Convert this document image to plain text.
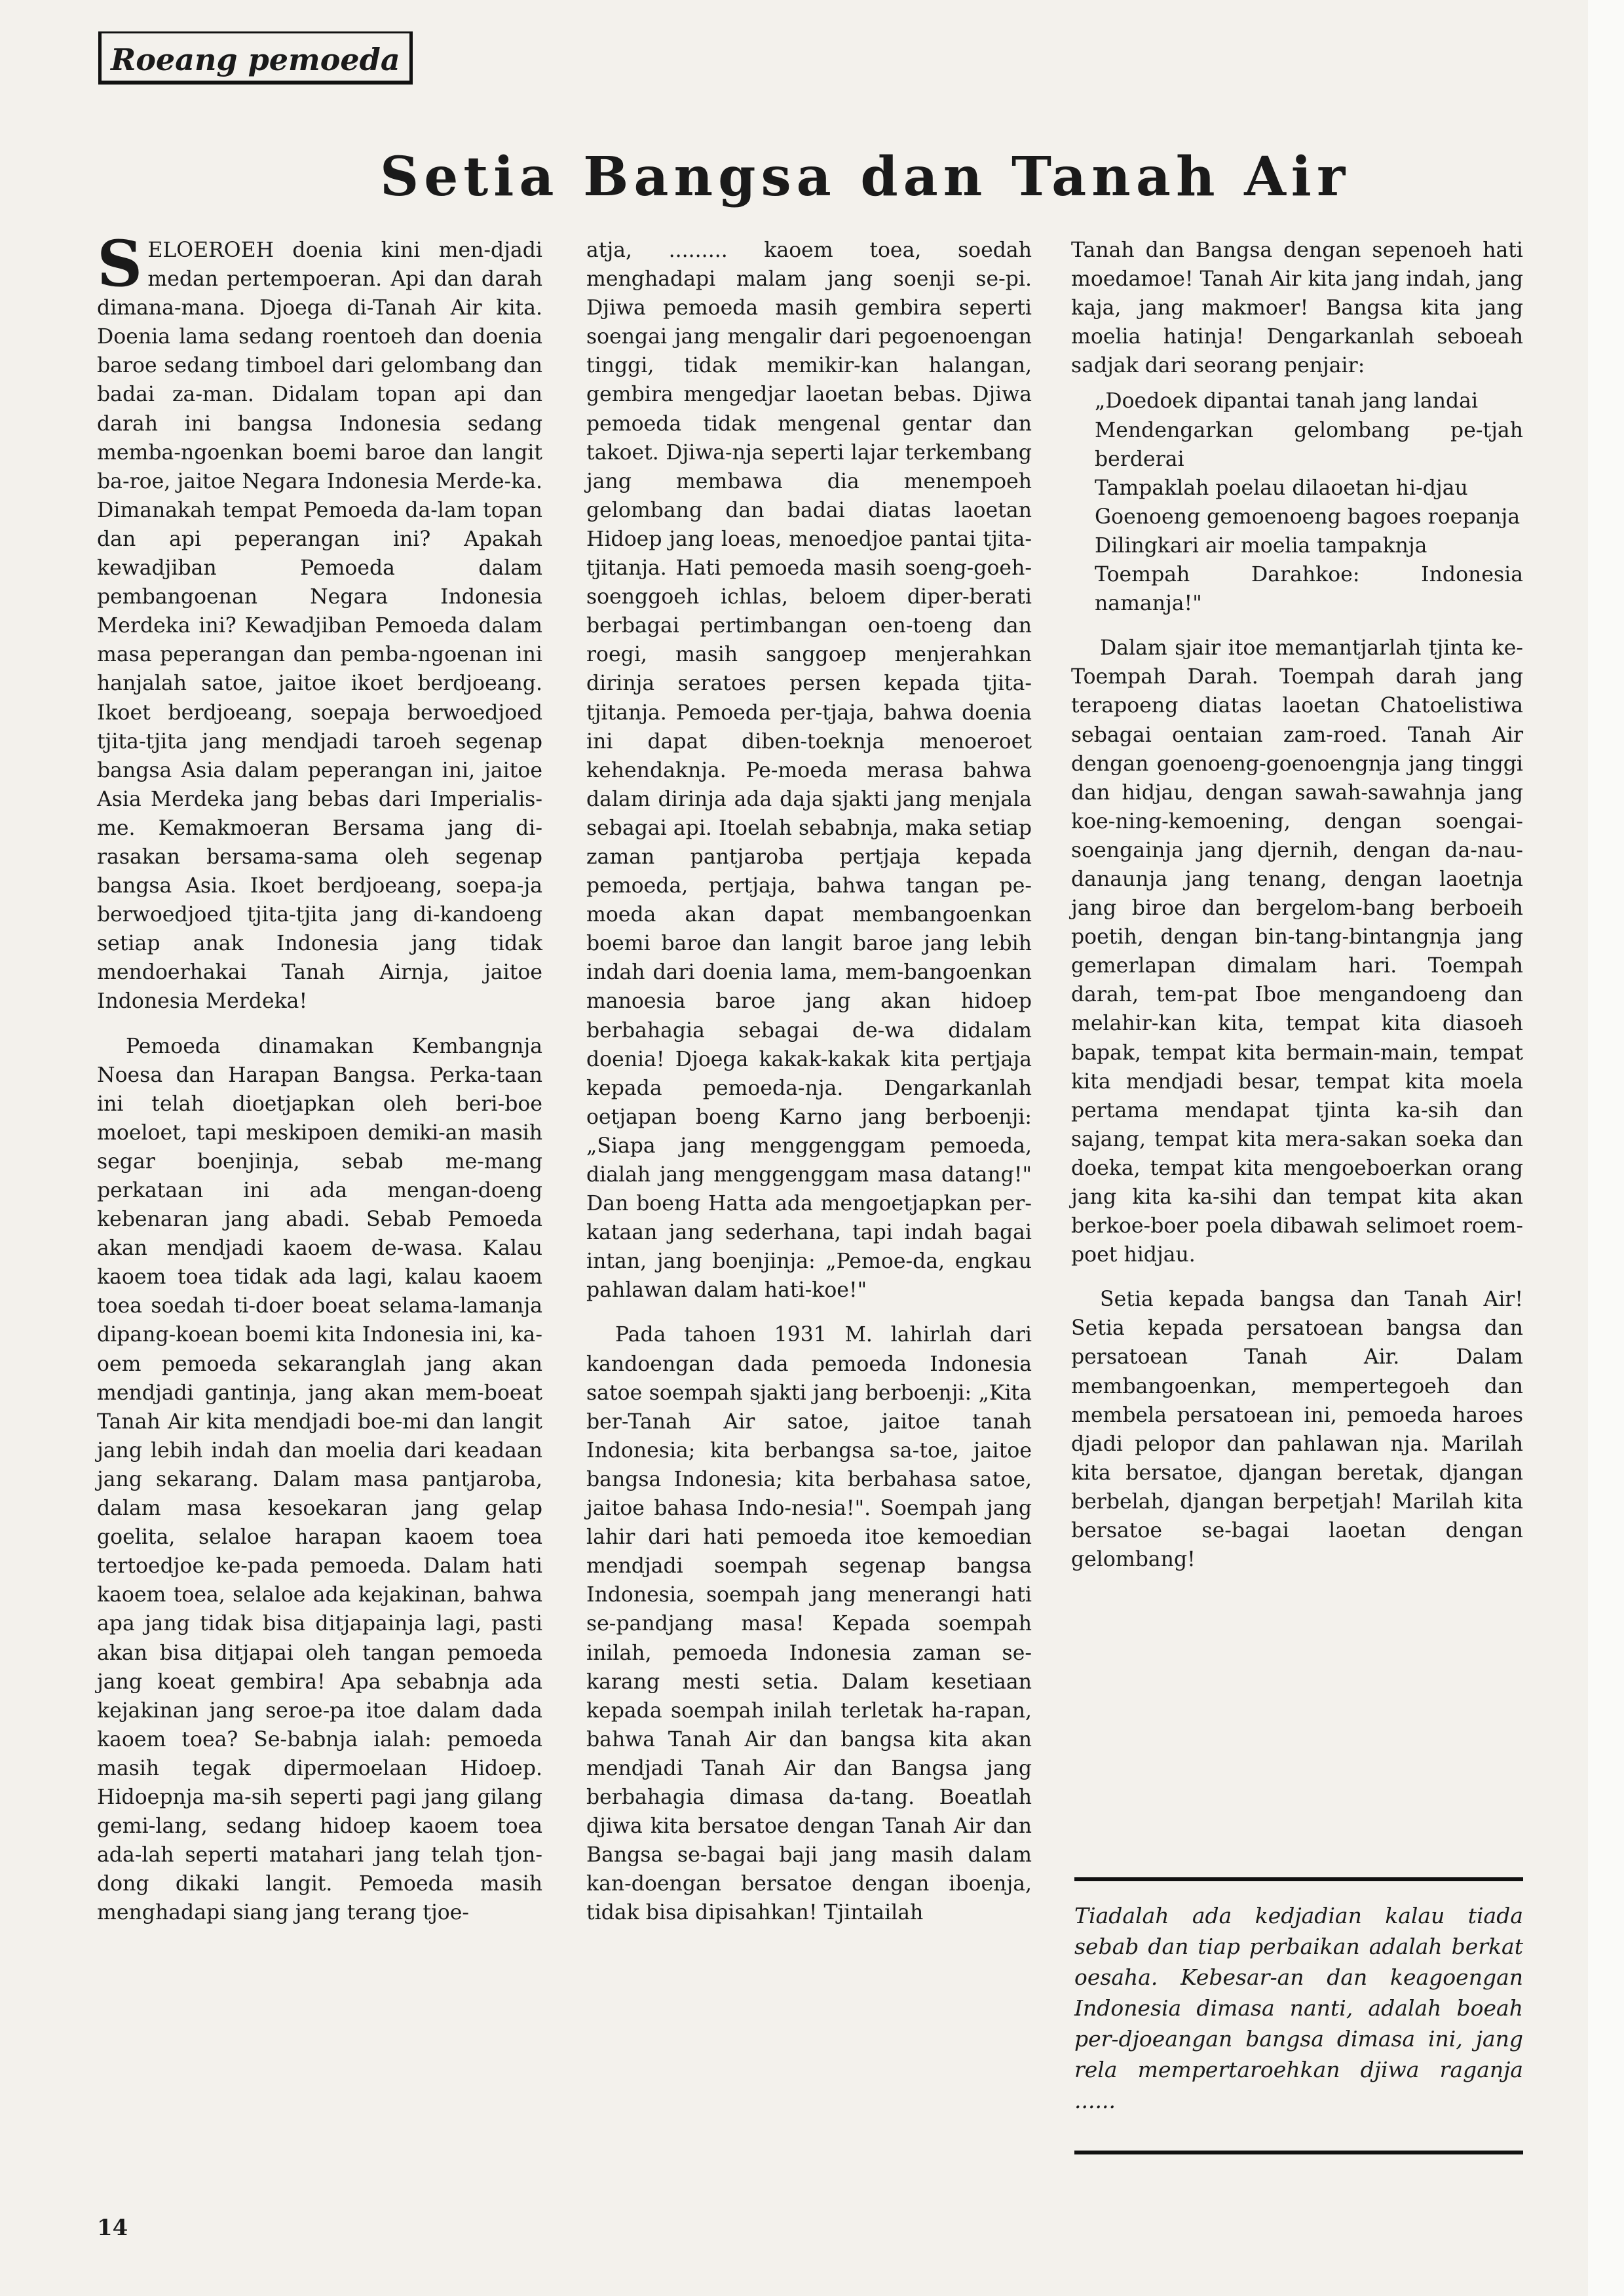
Roeang pemoeda
Setia Bangsa dan Tanah Air

SELOEROEH doenia kini men-djadi medan pertempoeran. Api dan darah dimana-mana. Djoega di-Tanah Air kita. Doenia lama sedang roentoeh dan doenia baroe sedang timboel dari gelombang dan badai za-man. Didalam topan api dan darah ini bangsa Indonesia sedang memba-ngoenkan boemi baroe dan langit ba-roe, jaitoe Negara Indonesia Merde-ka. Dimanakah tempat Pemoeda da-lam topan dan api peperangan ini? Apakah kewadjiban Pemoeda dalam pembangoenan Negara Indonesia Merdeka ini? Kewadjiban Pemoeda dalam masa peperangan dan pemba-ngoenan ini hanjalah satoe, jaitoe ikoet berdjoeang. Ikoet berdjoeang, soepaja berwoedjoed tjita-tjita jang mendjadi taroeh segenap bangsa Asia dalam peperangan ini, jaitoe Asia Merdeka jang bebas dari Imperialis-me. Kemakmoeran Bersama jang di-rasakan bersama-sama oleh segenap bangsa Asia. Ikoet berdjoeang, soepa-ja berwoedjoed tjita-tjita jang di-kandoeng setiap anak Indonesia jang tidak mendoerhakai Tanah Airnja, jaitoe Indonesia Merdeka!

Pemoeda dinamakan Kembangnja Noesa dan Harapan Bangsa. Perka-taan ini telah dioetjapkan oleh beri-boe moeloet, tapi meskipoen demiki-an masih segar boenjinja, sebab me-mang perkataan ini ada mengan-doeng kebenaran jang abadi. Sebab Pemoeda akan mendjadi kaoem de-wasa. Kalau kaoem toea tidak ada lagi, kalau kaoem toea soedah ti-doer boeat selama-lamanja dipang-koean boemi kita Indonesia ini, ka-oem pemoeda sekaranglah jang akan mendjadi gantinja, jang akan mem-boeat Tanah Air kita mendjadi boe-mi dan langit jang lebih indah dan moelia dari keadaan jang sekarang. Dalam masa pantjaroba, dalam masa kesoekaran jang gelap goelita, selaloe harapan kaoem toea tertoedjoe ke-pada pemoeda. Dalam hati kaoem toea, selaloe ada kejakinan, bahwa apa jang tidak bisa ditjapainja lagi, pasti akan bisa ditjapai oleh tangan pemoeda jang koeat gembira! Apa sebabnja ada kejakinan jang seroe-pa itoe dalam dada kaoem toea? Se-babnja ialah: pemoeda masih tegak dipermoelaan Hidoep. Hidoepnja ma-sih seperti pagi jang gilang gemi-lang, sedang hidoep kaoem toea ada-lah seperti matahari jang telah tjon-dong dikaki langit. Pemoeda masih menghadapi siang jang terang tjoe-

atja, ......... kaoem toea, soedah menghadapi malam jang soenji se-pi. Djiwa pemoeda masih gembira seperti soengai jang mengalir dari pegoenoengan tinggi, tidak memikir-kan halangan, gembira mengedjar laoetan bebas. Djiwa pemoeda tidak mengenal gentar dan takoet. Djiwa-nja seperti lajar terkembang jang membawa dia menempoeh gelombang dan badai diatas laoetan Hidoep jang loeas, menoedjoe pantai tjita-tjitanja. Hati pemoeda masih soeng-goeh-soenggoeh ichlas, beloem diper-berati berbagai pertimbangan oen-toeng dan roegi, masih sanggoep menjerahkan dirinja seratoes persen kepada tjita-tjitanja. Pemoeda per-tjaja, bahwa doenia ini dapat diben-toeknja menoeroet kehendaknja. Pe-moeda merasa bahwa dalam dirinja ada daja sjakti jang menjala sebagai api. Itoelah sebabnja, maka setiap zaman pantjaroba pertjaja kepada pemoeda, pertjaja, bahwa tangan pe-moeda akan dapat membangoenkan boemi baroe dan langit baroe jang lebih indah dari doenia lama, mem-bangoenkan manoesia baroe jang akan hidoep berbahagia sebagai de-wa didalam doenia! Djoega kakak-kakak kita pertjaja kepada pemoeda-nja. Dengarkanlah oetjapan boeng Karno jang berboenji: „Siapa jang menggenggam pemoeda, dialah jang menggenggam masa datang!" Dan boeng Hatta ada mengoetjapkan per-kataan jang sederhana, tapi indah bagai intan, jang boenjinja: „Pemoe-da, engkau pahlawan dalam hati-koe!"

Pada tahoen 1931 M. lahirlah dari kandoengan dada pemoeda Indonesia satoe soempah sjakti jang berboenji: „Kita ber-Tanah Air satoe, jaitoe tanah Indonesia; kita berbangsa sa-toe, jaitoe bangsa Indonesia; kita berbahasa satoe, jaitoe bahasa Indo-nesia!". Soempah jang lahir dari hati pemoeda itoe kemoedian mendjadi soempah segenap bangsa Indonesia, soempah jang menerangi hati se-pandjang masa! Kepada soempah inilah, pemoeda Indonesia zaman se-karang mesti setia. Dalam kesetiaan kepada soempah inilah terletak ha-rapan, bahwa Tanah Air dan bangsa kita akan mendjadi Tanah Air dan Bangsa jang berbahagia dimasa da-tang. Boeatlah djiwa kita bersatoe dengan Tanah Air dan Bangsa se-bagai baji jang masih dalam kan-doengan bersatoe dengan iboenja, tidak bisa dipisahkan! Tjintailah

Tanah dan Bangsa dengan sepenoeh hati moedamoe! Tanah Air kita jang indah, jang kaja, jang makmoer! Bangsa kita jang moelia hatinja! Dengarkanlah seboeah sadjak dari seorang penjair:

„Doedoek dipantai tanah jang landai

Mendengarkan gelombang pe-tjah berderai

Tampaklah poelau dilaoetan hi-djau

Goenoeng gemoenoeng bagoes roepanja

Dilingkari air moelia tampaknja

Toempah Darahkoe: Indonesia namanja!"

Dalam sjair itoe memantjarlah tjinta ke-Toempah Darah. Toempah darah jang terapoeng diatas laoetan Chatoelistiwa sebagai oentaian zam-roed. Tanah Air dengan goenoeng-goenoengnja jang tinggi dan hidjau, dengan sawah-sawahnja jang koe-ning-kemoening, dengan soengai-soengainja jang djernih, dengan da-nau-danaunja jang tenang, dengan laoetnja jang biroe dan bergelom-bang berboeih poetih, dengan bin-tang-bintangnja jang gemerlapan dimalam hari. Toempah darah, tem-pat Iboe mengandoeng dan melahir-kan kita, tempat kita diasoeh bapak, tempat kita bermain-main, tempat kita mendjadi besar, tempat kita moela pertama mendapat tjinta ka-sih dan sajang, tempat kita mera-sakan soeka dan doeka, tempat kita mengoeboerkan orang jang kita ka-sihi dan tempat kita akan berkoe-boer poela dibawah selimoet roem-poet hidjau.

Setia kepada bangsa dan Tanah Air! Setia kepada persatoean bangsa dan persatoean Tanah Air. Dalam membangoenkan, mempertegoeh dan membela persatoean ini, pemoeda haroes djadi pelopor dan pahlawan nja. Marilah kita bersatoe, djangan beretak, djangan berbelah, djangan berpetjah! Marilah kita bersatoe se-bagai laoetan dengan gelombang!

Tiadalah ada kedjadian kalau tiada sebab dan tiap perbaikan adalah berkat oesaha. Kebesar-an dan keagoengan Indonesia dimasa nanti, adalah boeah per-djoeangan bangsa dimasa ini, jang rela mempertaroehkan djiwa raganja ......
14
